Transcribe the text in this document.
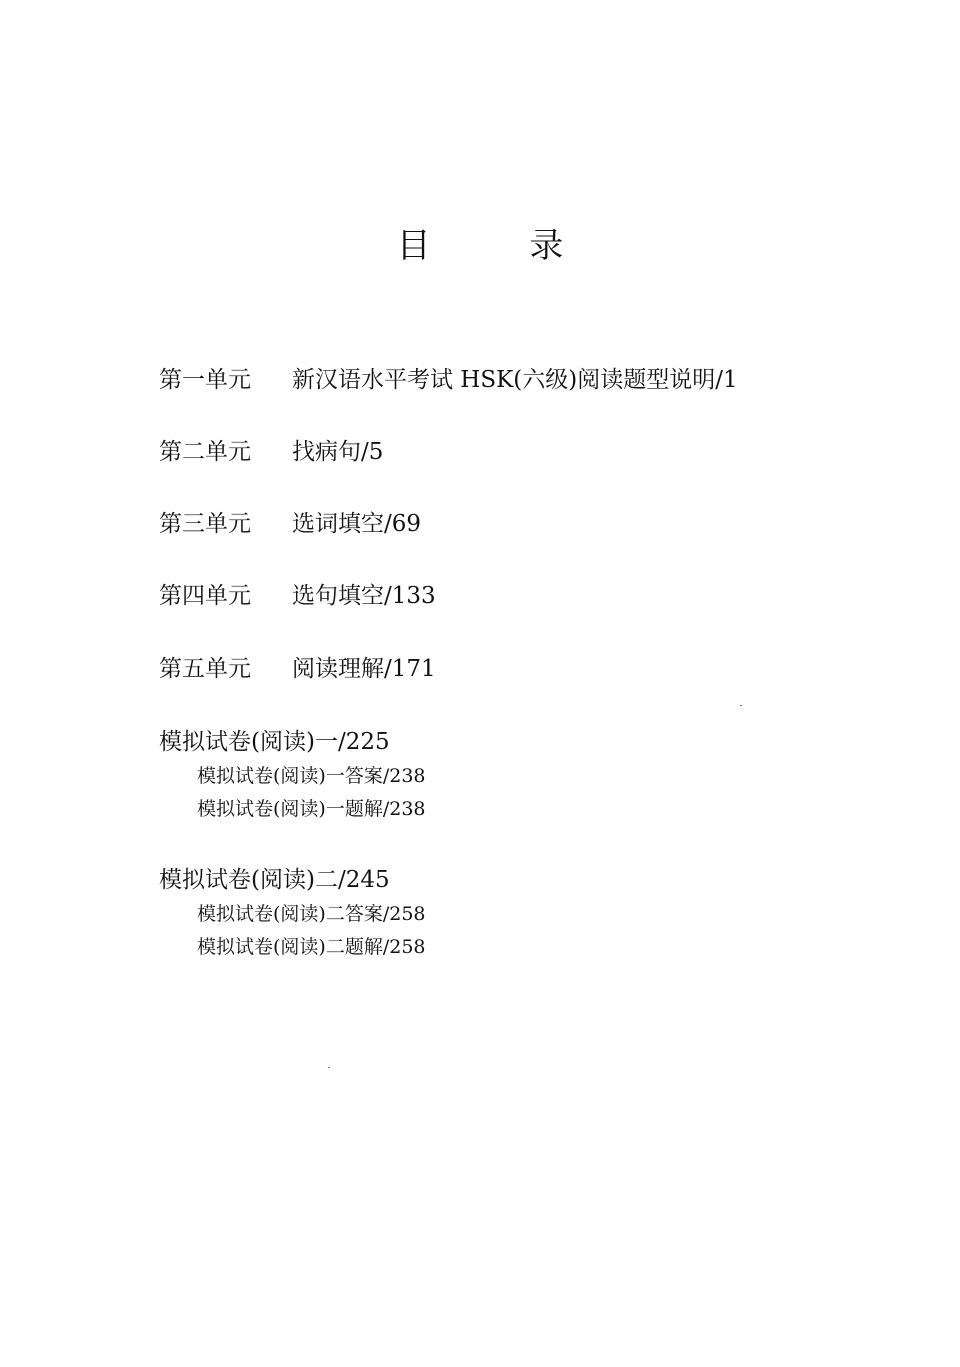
目 录
第一单元 新汉语水平考试 HSK(六级)阅读题型说明/1
第二单元 找病句/5
第三单元 选词填空/69
第四单元 选句填空/133
第五单元 阅读理解/171
模拟试卷(阅读)一/225
模拟试卷(阅读)一答案/238
模拟试卷(阅读)一题解/238
模拟试卷(阅读)二/245
模拟试卷(阅读)二答案/258
模拟试卷(阅读)二题解/258
